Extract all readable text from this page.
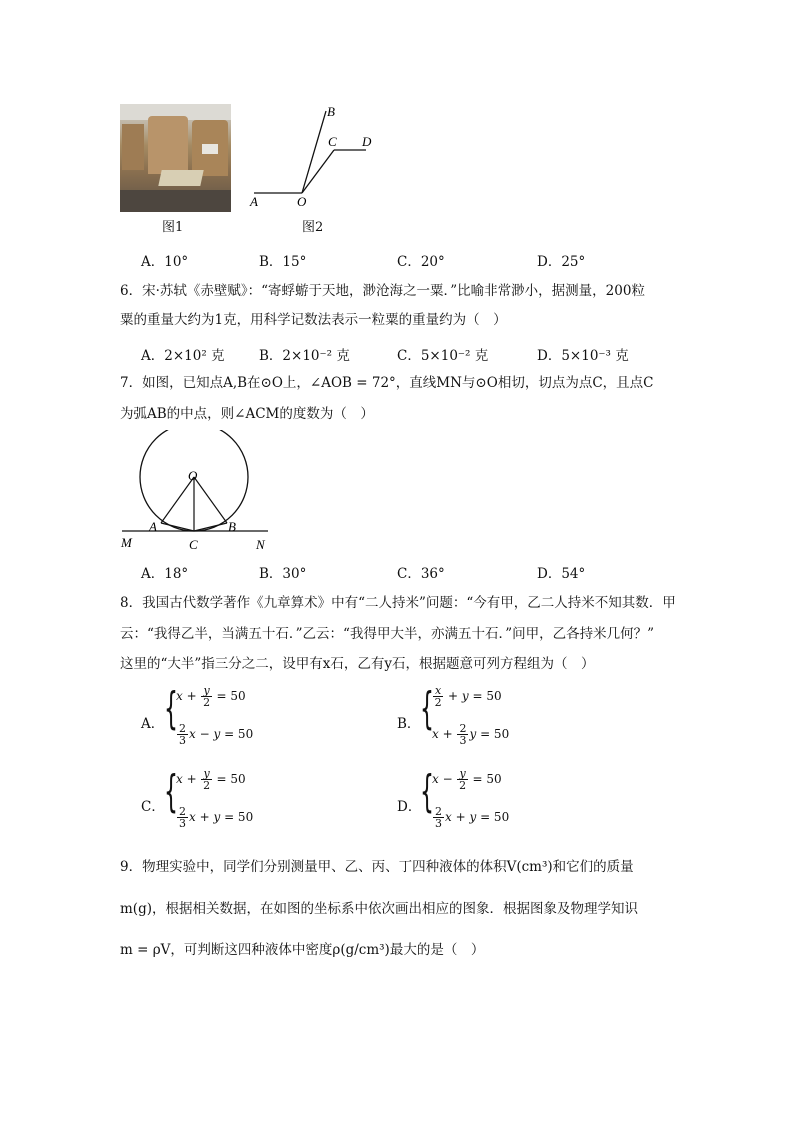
图1
B
C D
A	O
图2
A．10°	B．15°	C．20°	D．25°
6．宋·苏轼《赤壁赋》：“寄蜉蝣于天地，渺沧海之一粟．”比喻非常渺小，据测量，200粒
粟的重量大约为1克，用科学记数法表示一粒粟的重量约为（　）
A．2×10² 克	B．2×10⁻² 克	C．5×10⁻² 克	D．5×10⁻³ 克
7．如图，已知点A,B在⊙O上，∠AOB = 72°，直线MN与⊙O相切，切点为点C，且点C
为弧AB的中点，则∠ACM的度数为（　）
O
A	B
M	C	N
A．18°	B．30°	C．36°	D．54°
8．我国古代数学著作《九章算术》中有“二人持米”问题：“今有甲，乙二人持米不知其数．甲
云：“我得乙半，当满五十石．”乙云：“我得甲大半，亦满五十石．”问甲，乙各持米几何？”
这里的“大半”指三分之二，设甲有x石，乙有y石，根据题意可列方程组为（　）
A． {
$x + \frac{y}{2} = 50$
$\frac{2}{3}$ x − y = 50
B． { $\frac{x}{2} + y = 50$
$x + \frac{2}{3}$ y = 50
C． {
$x + \frac{y}{2} = 50$
$\frac{2}{3}$ x + y = 50
D．
{
$x - \frac{y}{2} = 50$
$\frac{2}{3}$ x + y = 50
9．物理实验中，同学们分别测量甲、乙、丙、丁四种液体的体积V(cm³)和它们的质量
m(g)，根据相关数据，在如图的坐标系中依次画出相应的图象．根据图象及物理学知识
m = ρV，可判断这四种液体中密度ρ(g/cm³)最大的是（　）
